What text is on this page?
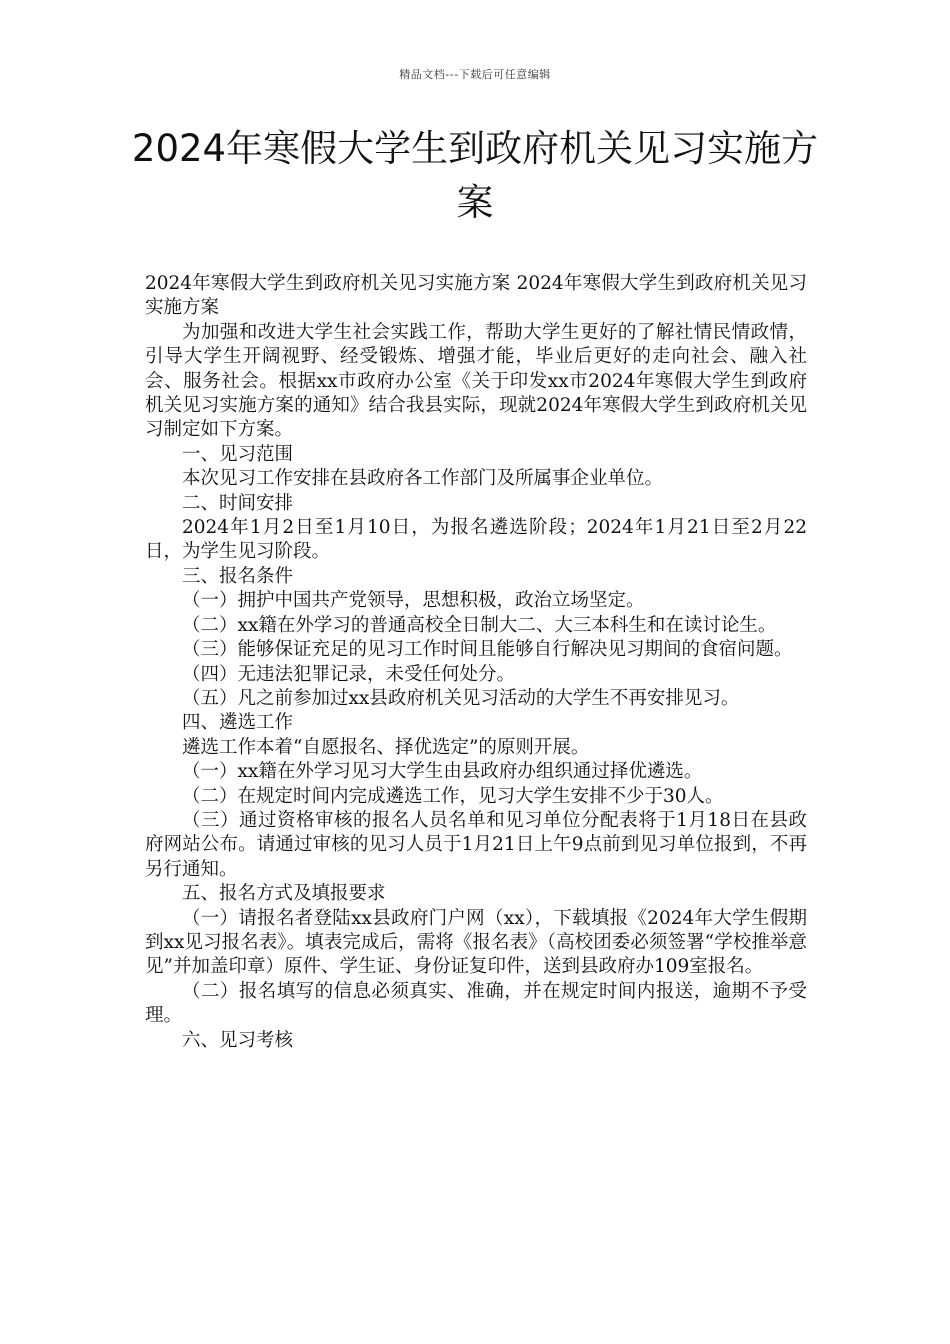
精品文档---下载后可任意编辑
2024年寒假大学生到政府机关见习实施方案

2024年寒假大学生到政府机关见习实施方案 2024年寒假大学生到政府机关见习实施方案

为加强和改进大学生社会实践工作，帮助大学生更好的了解社情民情政情，引导大学生开阔视野、经受锻炼、增强才能，毕业后更好的走向社会、融入社会、服务社会。根据xx市政府办公室《关于印发xx市2024年寒假大学生到政府机关见习实施方案的通知》结合我县实际，现就2024年寒假大学生到政府机关见习制定如下方案。

一、见习范围

本次见习工作安排在县政府各工作部门及所属事企业单位。

二、时间安排

2024年1月2日至1月10日，为报名遴选阶段；2024年1月21日至2月22日，为学生见习阶段。

三、报名条件

（一）拥护中国共产党领导，思想积极，政治立场坚定。

（二）xx籍在外学习的普通高校全日制大二、大三本科生和在读讨论生。

（三）能够保证充足的见习工作时间且能够自行解决见习期间的食宿问题。

（四）无违法犯罪记录，未受任何处分。

（五）凡之前参加过xx县政府机关见习活动的大学生不再安排见习。

四、遴选工作

遴选工作本着“自愿报名、择优选定”的原则开展。

（一）xx籍在外学习见习大学生由县政府办组织通过择优遴选。

（二）在规定时间内完成遴选工作，见习大学生安排不少于30人。

（三）通过资格审核的报名人员名单和见习单位分配表将于1月18日在县政府网站公布。请通过审核的见习人员于1月21日上午9点前到见习单位报到，不再另行通知。

五、报名方式及填报要求

（一）请报名者登陆xx县政府门户网（xx），下载填报《2024年大学生假期到xx见习报名表》。填表完成后，需将《报名表》（高校团委必须签署“学校推举意见”并加盖印章）原件、学生证、身份证复印件，送到县政府办109室报名。

（二）报名填写的信息必须真实、准确，并在规定时间内报送，逾期不予受理。

六、见习考核
